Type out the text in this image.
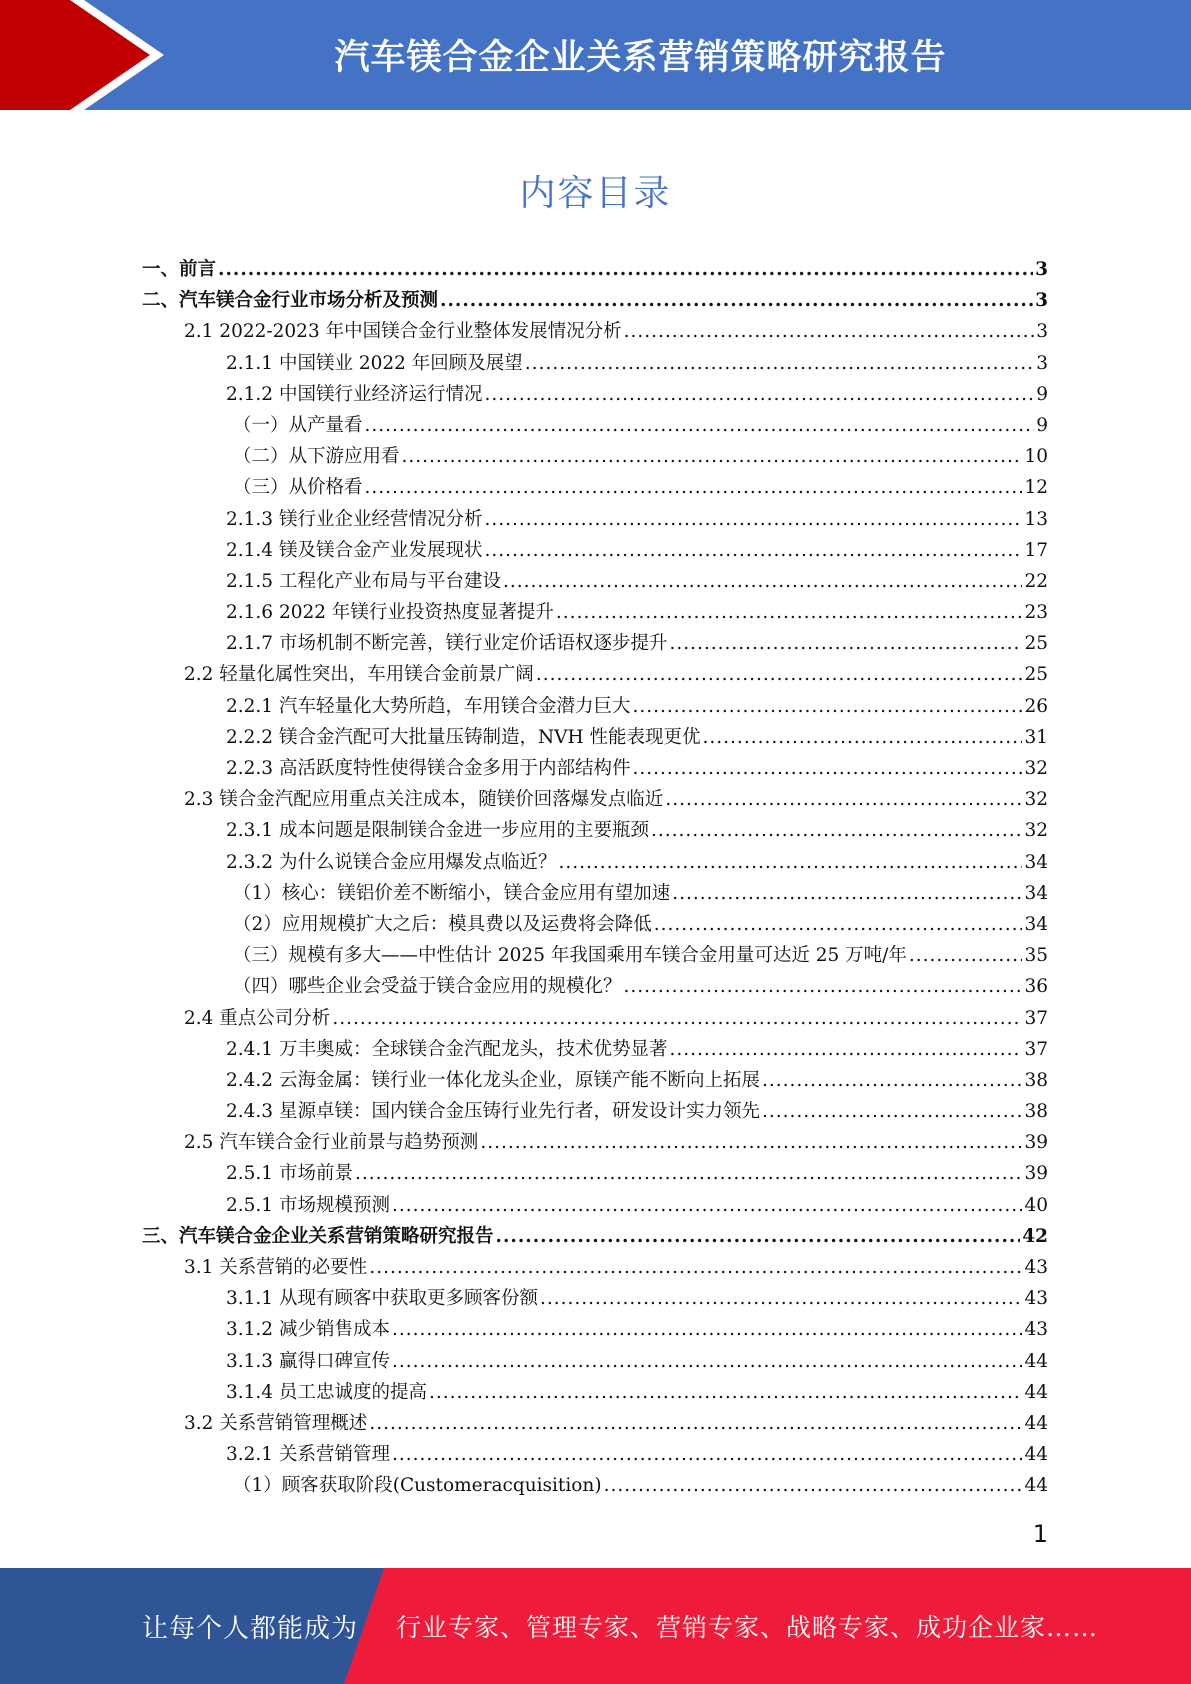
汽车镁合金企业关系营销策略研究报告
内容目录
一、前言 .....	3
二、汽车镁合金行业市场分析及预测 .....	3
2.1 2022-2023 年中国镁合金行业整体发展情况分析 .....	3
2.1.1 中国镁业 2022 年回顾及展望 .....	3
2.1.2 中国镁行业经济运行情况 .....	9
（一）从产量看 .....	9
（二）从下游应用看 .....	10
（三）从价格看 .....	12
2.1.3 镁行业企业经营情况分析 .....	13
2.1.4 镁及镁合金产业发展现状 .....	17
2.1.5 工程化产业布局与平台建设 .....	22
2.1.6 2022 年镁行业投资热度显著提升 .....	23
2.1.7 市场机制不断完善，镁行业定价话语权逐步提升 .....	25
2.2 轻量化属性突出，车用镁合金前景广阔 .....	25
2.2.1 汽车轻量化大势所趋，车用镁合金潜力巨大 .....	26
2.2.2 镁合金汽配可大批量压铸制造，NVH 性能表现更优 .....	31
2.2.3 高活跃度特性使得镁合金多用于内部结构件 .....	32
2.3 镁合金汽配应用重点关注成本，随镁价回落爆发点临近 .....	32
2.3.1 成本问题是限制镁合金进一步应用的主要瓶颈 .....	32
2.3.2 为什么说镁合金应用爆发点临近？ .....	34
（1）核心：镁铝价差不断缩小，镁合金应用有望加速 .....	34
（2）应用规模扩大之后：模具费以及运费将会降低 .....	34
（三）规模有多大——中性估计 2025 年我国乘用车镁合金用量可达近 25 万吨/年 .....	35
（四）哪些企业会受益于镁合金应用的规模化？ .....	36
2.4 重点公司分析 .....	37
2.4.1 万丰奥威：全球镁合金汽配龙头，技术优势显著 .....	37
2.4.2 云海金属：镁行业一体化龙头企业，原镁产能不断向上拓展 .....	38
2.4.3 星源卓镁：国内镁合金压铸行业先行者，研发设计实力领先 .....	38
2.5 汽车镁合金行业前景与趋势预测 .....	39
2.5.1 市场前景 .....	39
2.5.1 市场规模预测 .....	40
三、汽车镁合金企业关系营销策略研究报告 .....	42
3.1 关系营销的必要性 .....	43
3.1.1 从现有顾客中获取更多顾客份额 .....	43
3.1.2 减少销售成本 .....	43
3.1.3 赢得口碑宣传 .....	44
3.1.4 员工忠诚度的提高 .....	44
3.2 关系营销管理概述 .....	44
3.2.1 关系营销管理 .....	44
（1）顾客获取阶段(Customeracquisition) .....	44
1
让每个人都能成为 行业专家、管理专家、营销专家、战略专家、成功企业家……
